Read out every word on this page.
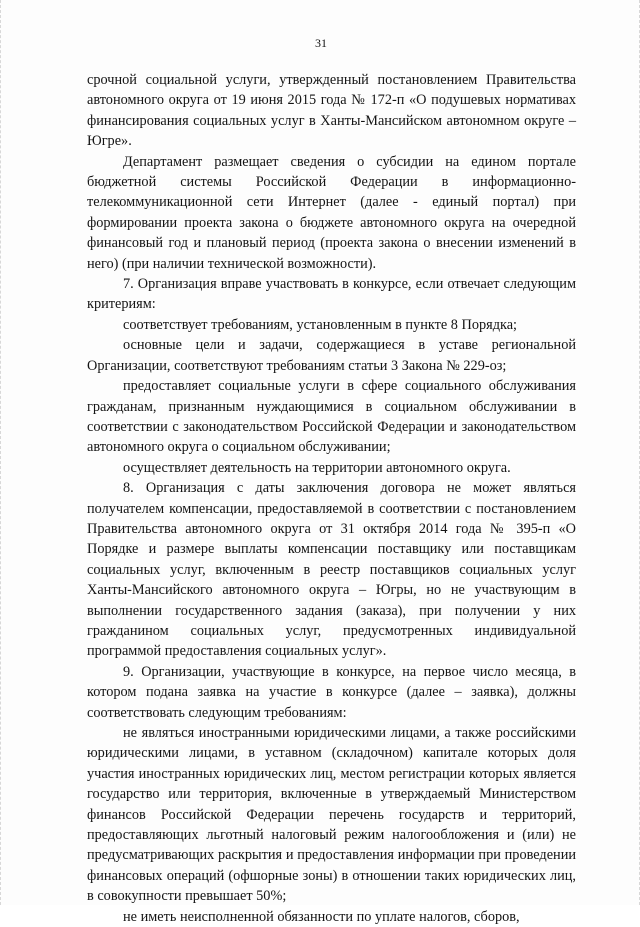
31

срочной социальной услуги, утвержденный постановлением Правительства автономного округа от 19 июня 2015 года № 172-п «О подушевых нормативах финансирования социальных услуг в Ханты-Мансийском автономном округе – Югре».

Департамент размещает сведения о субсидии на едином портале бюджетной системы Российской Федерации в информационно-телекоммуникационной сети Интернет (далее - единый портал) при формировании проекта закона о бюджете автономного округа на очередной финансовый год и плановый период (проекта закона о внесении изменений в него) (при наличии технической возможности).

7. Организация вправе участвовать в конкурсе, если отвечает следующим критериям:

соответствует требованиям, установленным в пункте 8 Порядка;

основные цели и задачи, содержащиеся в уставе региональной Организации, соответствуют требованиям статьи 3 Закона № 229-оз;

предоставляет социальные услуги в сфере социального обслуживания гражданам, признанным нуждающимися в социальном обслуживании в соответствии с законодательством Российской Федерации и законодательством автономного округа о социальном обслуживании;

осуществляет деятельность на территории автономного округа.

8. Организация с даты заключения договора не может являться получателем компенсации, предоставляемой в соответствии с постановлением Правительства автономного округа от 31 октября 2014 года № 395-п «О Порядке и размере выплаты компенсации поставщику или поставщикам социальных услуг, включенным в реестр поставщиков социальных услуг Ханты-Мансийского автономного округа – Югры, но не участвующим в выполнении государственного задания (заказа), при получении у них гражданином социальных услуг, предусмотренных индивидуальной программой предоставления социальных услуг».

9. Организации, участвующие в конкурсе, на первое число месяца, в котором подана заявка на участие в конкурсе (далее – заявка), должны соответствовать следующим требованиям:

не являться иностранными юридическими лицами, а также российскими юридическими лицами, в уставном (складочном) капитале которых доля участия иностранных юридических лиц, местом регистрации которых является государство или территория, включенные в утверждаемый Министерством финансов Российской Федерации перечень государств и территорий, предоставляющих льготный налоговый режим налогообложения и (или) не предусматривающих раскрытия и предоставления информации при проведении финансовых операций (офшорные зоны) в отношении таких юридических лиц, в совокупности превышает 50%;

не иметь неисполненной обязанности по уплате налогов, сборов,
